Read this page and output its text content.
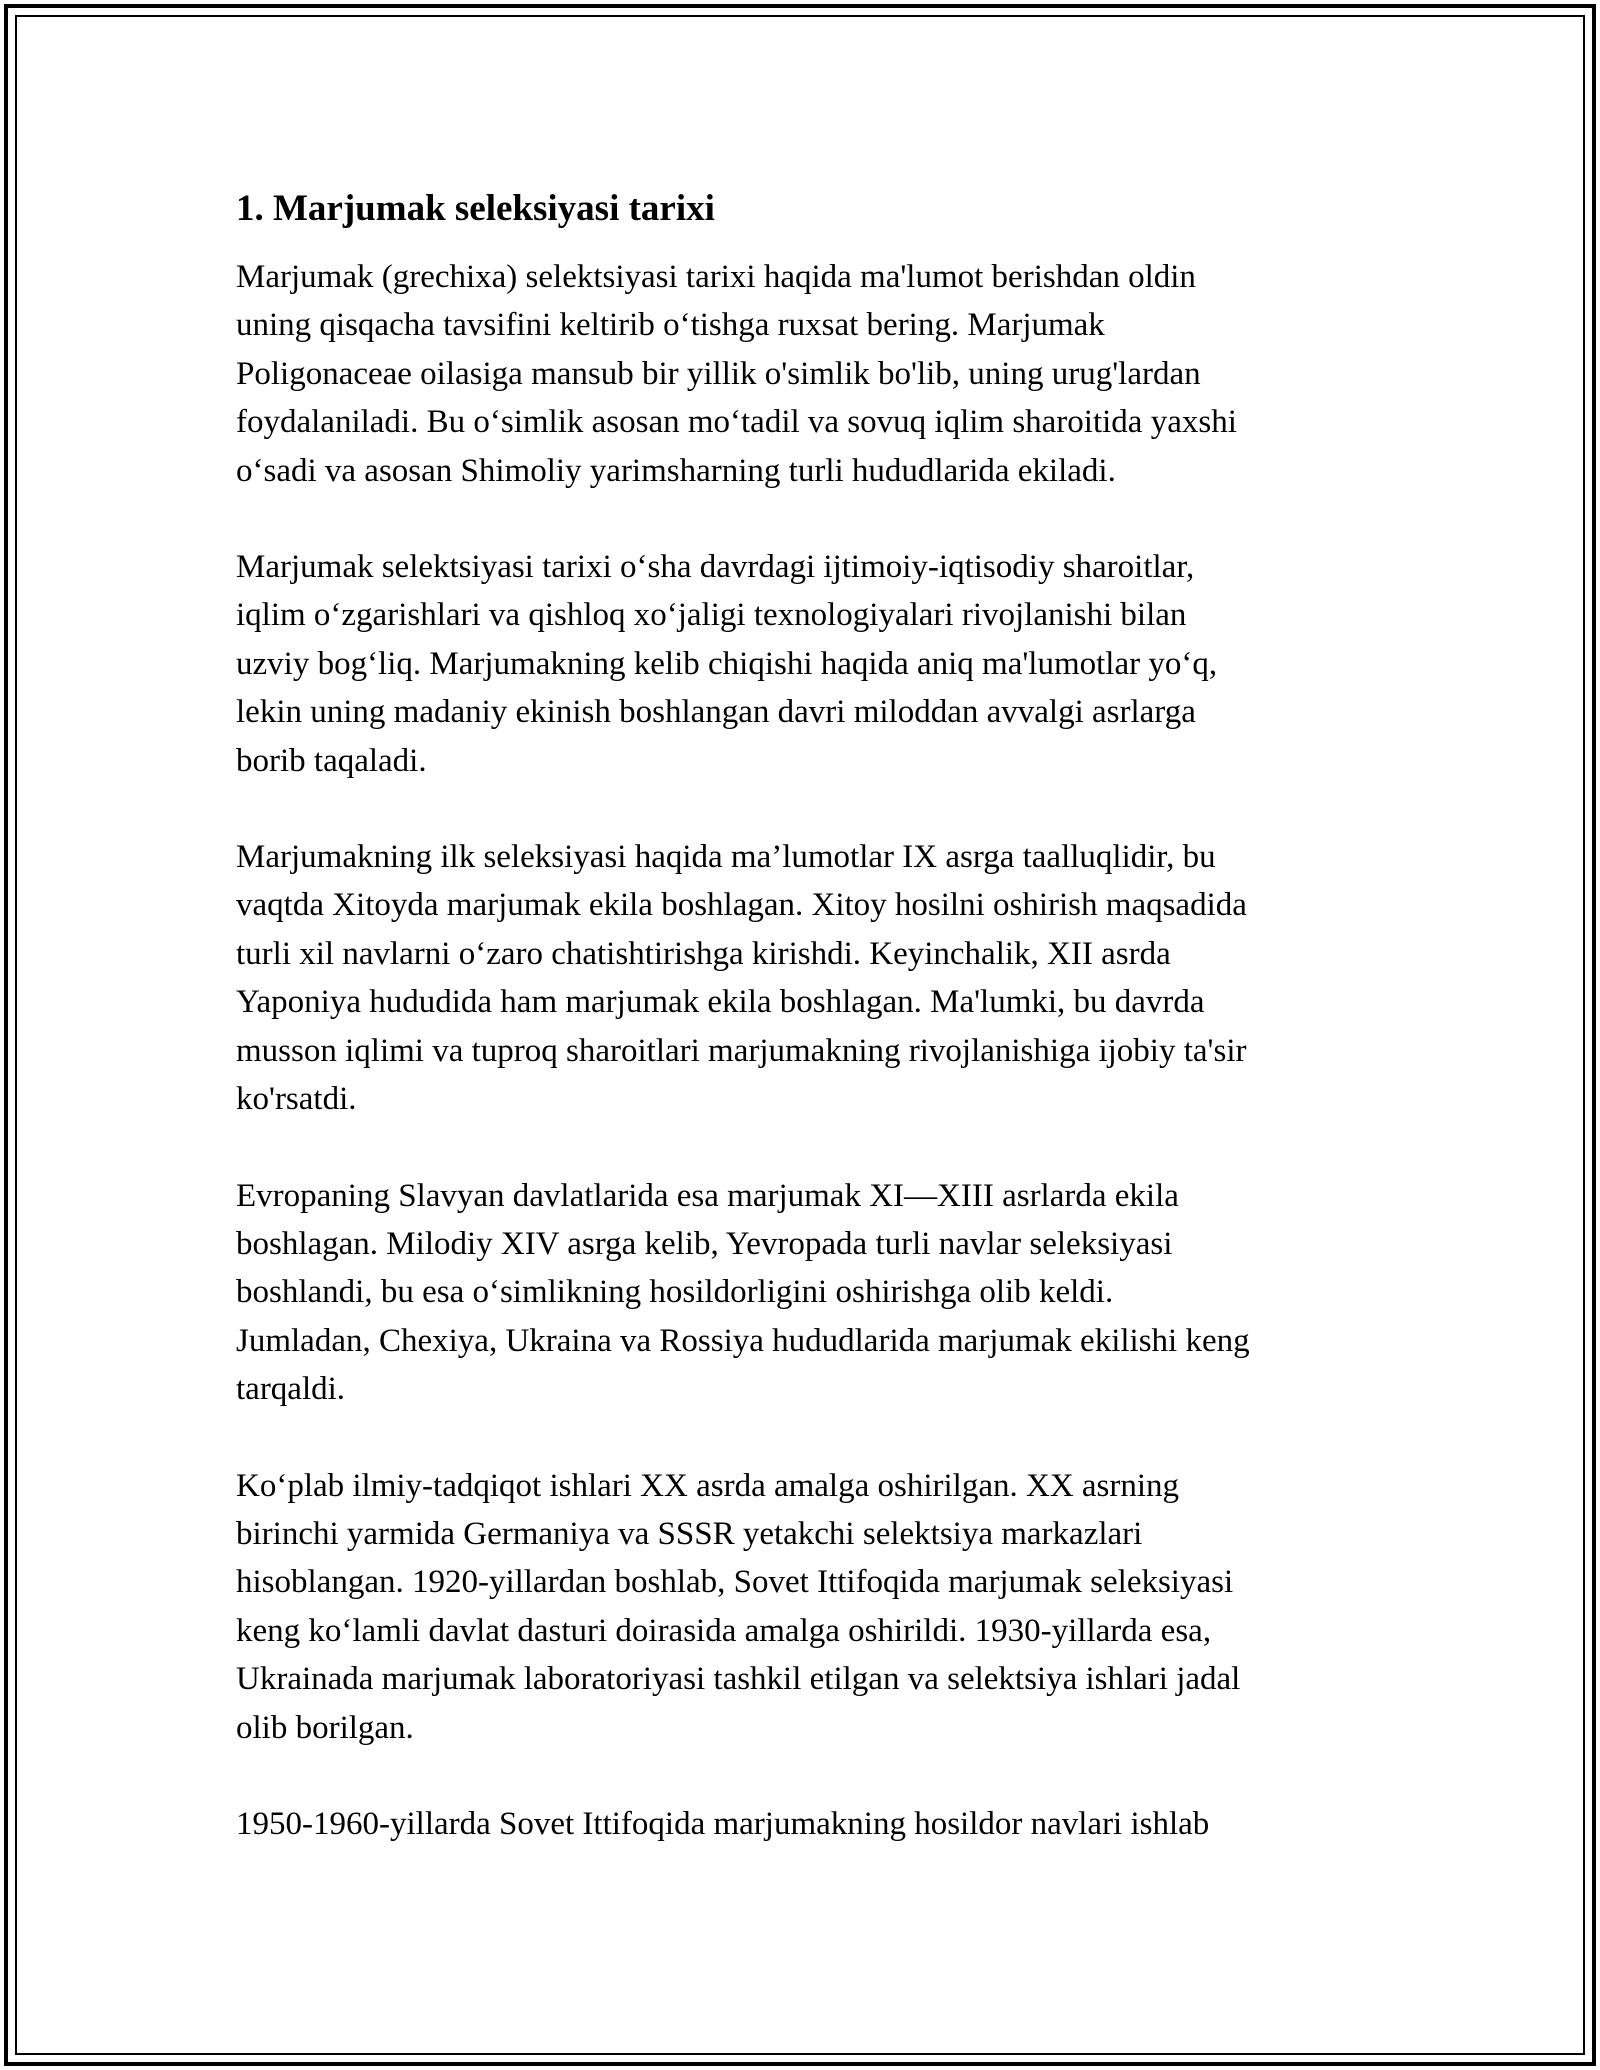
1. Marjumak seleksiyasi tarixi

Marjumak (grechixa) selektsiyasi tarixi haqida ma'lumot berishdan oldin
uning qisqacha tavsifini keltirib o‘tishga ruxsat bering. Marjumak
Poligonaceae oilasiga mansub bir yillik o'simlik bo'lib, uning urug'lardan
foydalaniladi. Bu o‘simlik asosan mo‘tadil va sovuq iqlim sharoitida yaxshi
o‘sadi va asosan Shimoliy yarimsharning turli hududlarida ekiladi.

Marjumak selektsiyasi tarixi o‘sha davrdagi ijtimoiy-iqtisodiy sharoitlar,
iqlim o‘zgarishlari va qishloq xo‘jaligi texnologiyalari rivojlanishi bilan
uzviy bog‘liq. Marjumakning kelib chiqishi haqida aniq ma'lumotlar yo‘q,
lekin uning madaniy ekinish boshlangan davri miloddan avvalgi asrlarga
borib taqaladi.

Marjumakning ilk seleksiyasi haqida ma’lumotlar IX asrga taalluqlidir, bu
vaqtda Xitoyda marjumak ekila boshlagan. Xitoy hosilni oshirish maqsadida
turli xil navlarni o‘zaro chatishtirishga kirishdi. Keyinchalik, XII asrda
Yaponiya hududida ham marjumak ekila boshlagan. Ma'lumki, bu davrda
musson iqlimi va tuproq sharoitlari marjumakning rivojlanishiga ijobiy ta'sir
ko'rsatdi.

Evropaning Slavyan davlatlarida esa marjumak XI—XIII asrlarda ekila
boshlagan. Milodiy XIV asrga kelib, Yevropada turli navlar seleksiyasi
boshlandi, bu esa o‘simlikning hosildorligini oshirishga olib keldi.
Jumladan, Chexiya, Ukraina va Rossiya hududlarida marjumak ekilishi keng
tarqaldi.

Ko‘plab ilmiy-tadqiqot ishlari XX asrda amalga oshirilgan. XX asrning
birinchi yarmida Germaniya va SSSR yetakchi selektsiya markazlari
hisoblangan. 1920-yillardan boshlab, Sovet Ittifoqida marjumak seleksiyasi
keng ko‘lamli davlat dasturi doirasida amalga oshirildi. 1930-yillarda esa,
Ukrainada marjumak laboratoriyasi tashkil etilgan va selektsiya ishlari jadal
olib borilgan.

1950-1960-yillarda Sovet Ittifoqida marjumakning hosildor navlari ishlab
